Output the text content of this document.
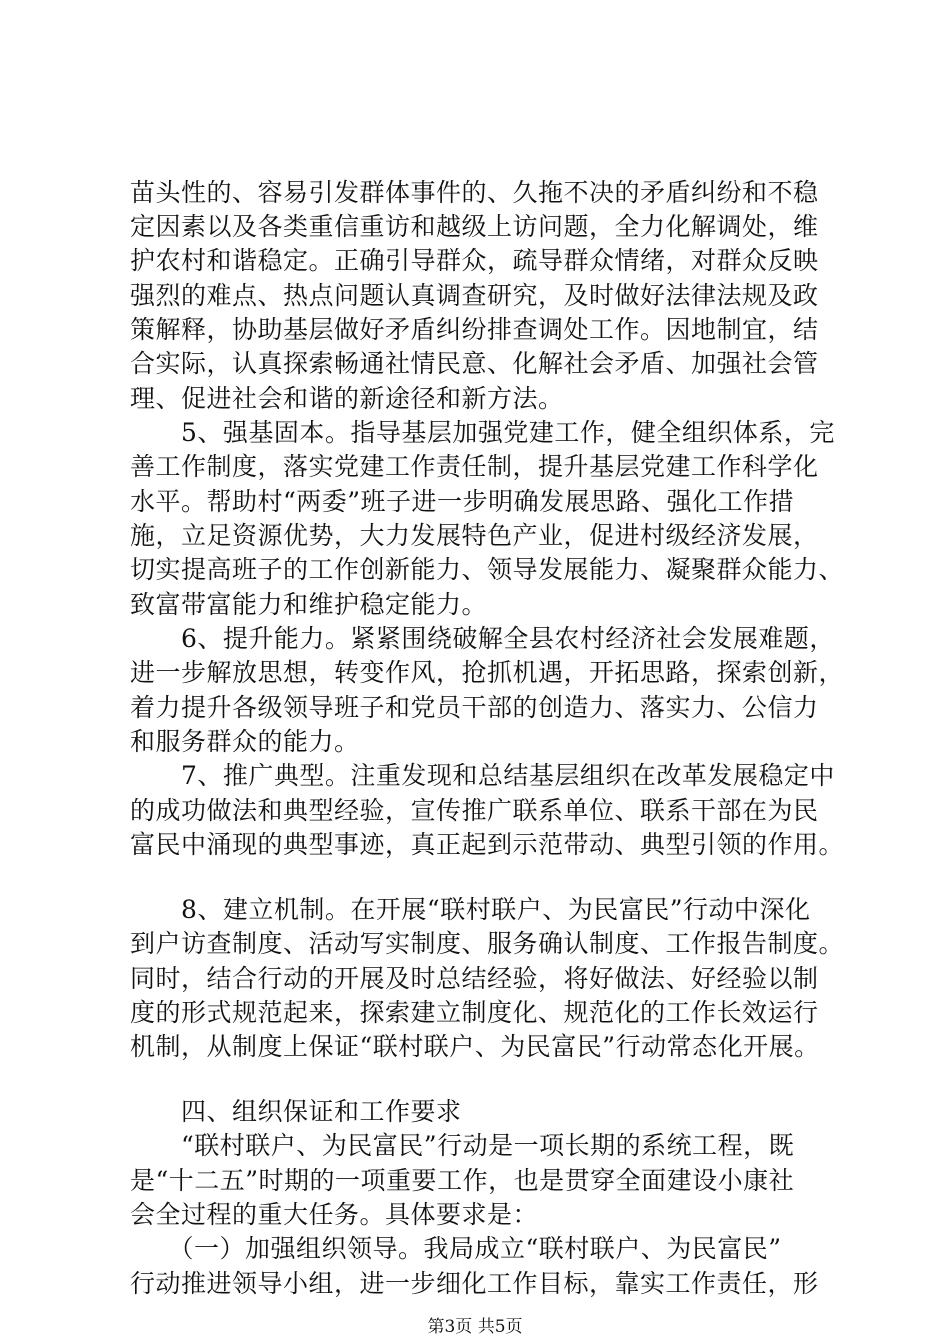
苗头性的、容易引发群体事件的、久拖不决的矛盾纠纷和不稳
定因素以及各类重信重访和越级上访问题，全力化解调处，维
护农村和谐稳定。正确引导群众，疏导群众情绪，对群众反映
强烈的难点、热点问题认真调查研究，及时做好法律法规及政
策解释，协助基层做好矛盾纠纷排查调处工作。因地制宜，结
合实际，认真探索畅通社情民意、化解社会矛盾、加强社会管
理、促进社会和谐的新途径和新方法。
　　5、强基固本。指导基层加强党建工作，健全组织体系，完
善工作制度，落实党建工作责任制，提升基层党建工作科学化
水平。帮助村“两委”班子进一步明确发展思路、强化工作措
施，立足资源优势，大力发展特色产业，促进村级经济发展，
切实提高班子的工作创新能力、领导发展能力、凝聚群众能力、
致富带富能力和维护稳定能力。
　　6、提升能力。紧紧围绕破解全县农村经济社会发展难题，
进一步解放思想，转变作风，抢抓机遇，开拓思路，探索创新，
着力提升各级领导班子和党员干部的创造力、落实力、公信力
和服务群众的能力。
　　7、推广典型。注重发现和总结基层组织在改革发展稳定中
的成功做法和典型经验，宣传推广联系单位、联系干部在为民
富民中涌现的典型事迹，真正起到示范带动、典型引领的作用。
　　8、建立机制。在开展“联村联户、为民富民”行动中深化
到户访查制度、活动写实制度、服务确认制度、工作报告制度。
同时，结合行动的开展及时总结经验，将好做法、好经验以制
度的形式规范起来，探索建立制度化、规范化的工作长效运行
机制，从制度上保证“联村联户、为民富民”行动常态化开展。
　　四、组织保证和工作要求
　　“联村联户、为民富民”行动是一项长期的系统工程，既
是“十二五”时期的一项重要工作，也是贯穿全面建设小康社
会全过程的重大任务。具体要求是：
　　（一）加强组织领导。我局成立“联村联户、为民富民”
行动推进领导小组，进一步细化工作目标，靠实工作责任，形
第3页 共5页
